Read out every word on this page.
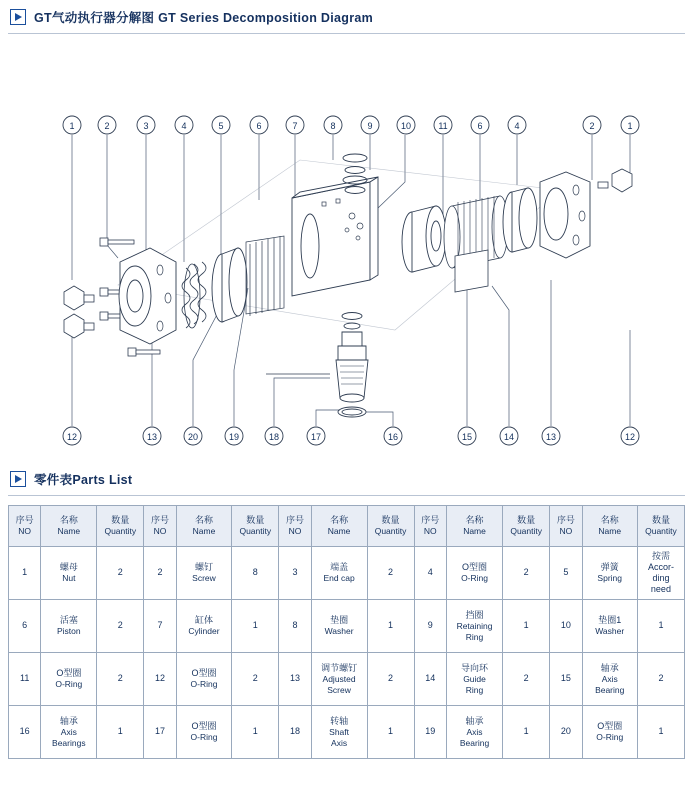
GT气动执行器分解图 GT Series Decomposition Diagram
1	2	3	4	5	6	7	8	9	10	11	6	4	2	1
12	13	20	19	18	17	16	15	14	13	12
零件表Parts List
序号
NO	名称
Name	数量
Quantity	序号
NO	名称
Name	数量
Quantity	序号
NO	名称
Name	数量
Quantity	序号
NO	名称
Name	数量
Quantity	序号
NO	名称
Name	数量
Quantity

1	螺母
Nut	2	2	螺钉
Screw	8	3	端盖
End cap	2	4	O型圈
O-Ring	2	5	弹簧
Spring	按需
Accor-
ding
need
6	活塞
Piston	2	7	缸体
Cylinder	1	8	垫圈
Washer	1	9	挡圈
Retaining
Ring	1	10	垫圈1
Washer	1
11	O型圈
O-Ring	2	12	O型圈
O-Ring	2	13	调节螺钉
Adjusted
Screw	2	14	导向环
Guide
Ring	2	15	轴承
Axis
Bearing	2
16	轴承
Axis
Bearings	1	17	O型圈
O-Ring	1	18	转轴
Shaft
Axis	1	19	轴承
Axis
Bearing	1	20	O型圈
O-Ring	1
